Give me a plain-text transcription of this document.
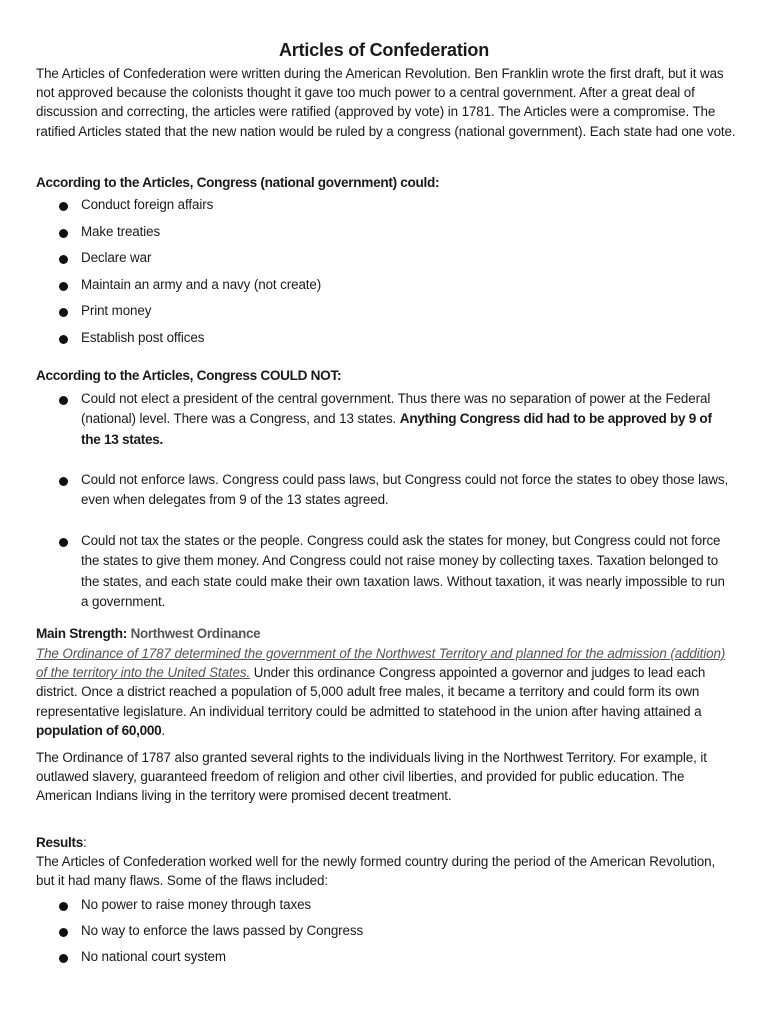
Articles of Confederation
The Articles of Confederation were written during the American Revolution. Ben Franklin wrote the first draft, but it was not approved because the colonists thought it gave too much power to a central government. After a great deal of discussion and correcting, the articles were ratified (approved by vote) in 1781. The Articles were a compromise. The ratified Articles stated that the new nation would be ruled by a congress (national government). Each state had one vote.
According to the Articles, Congress (national government) could:
Conduct foreign affairs
Make treaties
Declare war
Maintain an army and a navy (not create)
Print money
Establish post offices
According to the Articles, Congress COULD NOT:
Could not elect a president of the central government. Thus there was no separation of power at the Federal (national) level. There was a Congress, and 13 states. Anything Congress did had to be approved by 9 of the 13 states.
Could not enforce laws. Congress could pass laws, but Congress could not force the states to obey those laws, even when delegates from 9 of the 13 states agreed.
Could not tax the states or the people. Congress could ask the states for money, but Congress could not force the states to give them money. And Congress could not raise money by collecting taxes. Taxation belonged to the states, and each state could make their own taxation laws. Without taxation, it was nearly impossible to run a government.
Main Strength: Northwest Ordinance
The Ordinance of 1787 determined the government of the Northwest Territory and planned for the admission (addition) of the territory into the United States. Under this ordinance Congress appointed a governor and judges to lead each district. Once a district reached a population of 5,000 adult free males, it became a territory and could form its own representative legislature. An individual territory could be admitted to statehood in the union after having attained a population of 60,000.
The Ordinance of 1787 also granted several rights to the individuals living in the Northwest Territory. For example, it outlawed slavery, guaranteed freedom of religion and other civil liberties, and provided for public education. The American Indians living in the territory were promised decent treatment.
Results:
The Articles of Confederation worked well for the newly formed country during the period of the American Revolution, but it had many flaws. Some of the flaws included:
No power to raise money through taxes
No way to enforce the laws passed by Congress
No national court system
